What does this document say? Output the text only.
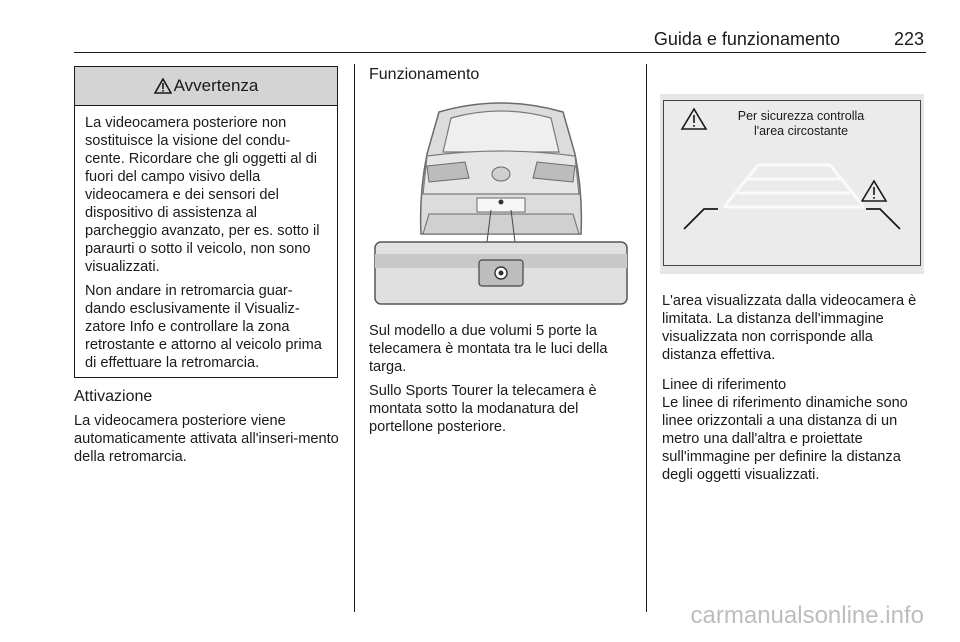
Guida e funzionamento	223
Avvertenza

La videocamera posteriore non sostituisce la visione del condu-cente. Ricordare che gli oggetti al di fuori del campo visivo della videocamera e dei sensori del dispositivo di assistenza al parcheggio avanzato, per es. sotto il paraurti o sotto il veicolo, non sono visualizzati.

Non andare in retromarcia guar-dando esclusivamente il Visualiz-zatore Info e controllare la zona retrostante e attorno al veicolo prima di effettuare la retromarcia.

Attivazione

La videocamera posteriore viene automaticamente attivata all'inseri-mento della retromarcia.

Funzionamento

Sul modello a due volumi 5 porte la telecamera è montata tra le luci della targa.

Sullo Sports Tourer la telecamera è montata sotto la modanatura del portellone posteriore.

Per sicurezza controlla
l'area circostante

L'area visualizzata dalla videocamera è limitata. La distanza dell'immagine visualizzata non corrisponde alla distanza effettiva.

Linee di riferimento

Le linee di riferimento dinamiche sono linee orizzontali a una distanza di un metro una dall'altra e proiettate sull'immagine per definire la distanza degli oggetti visualizzati.

carmanualsonline.info
